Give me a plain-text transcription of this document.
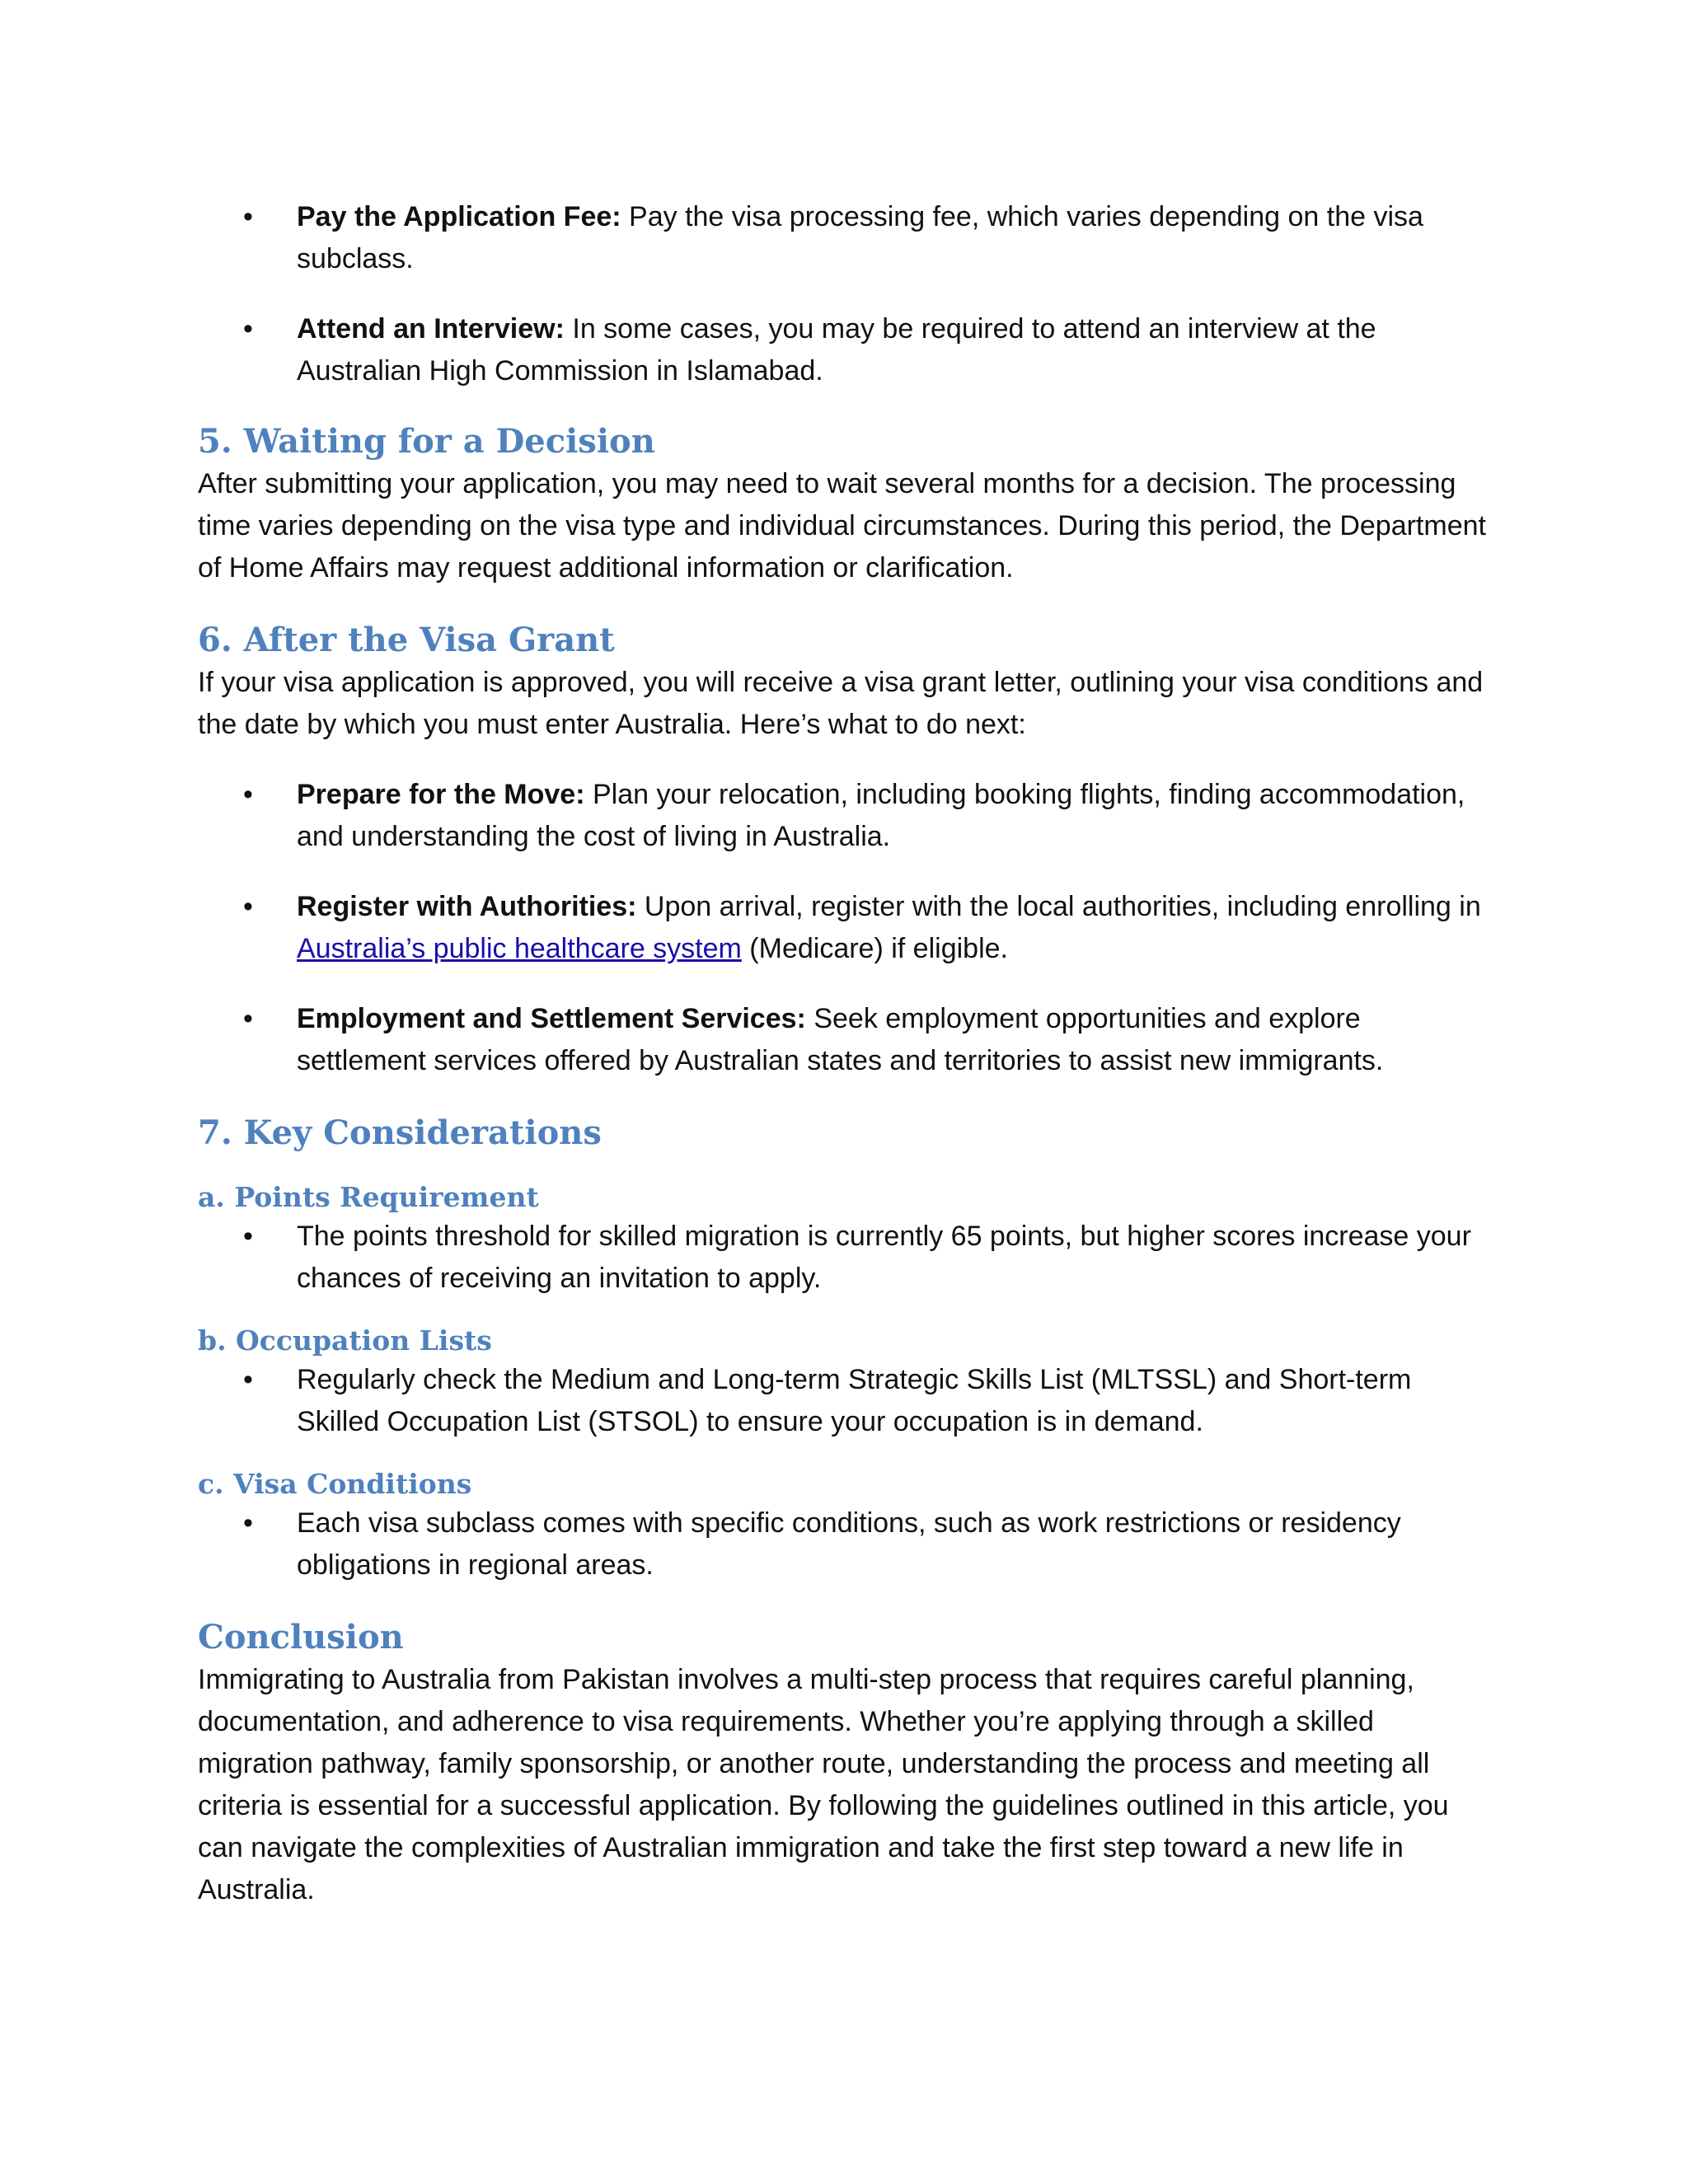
• Pay the Application Fee: Pay the visa processing fee, which varies depending on the visa subclass.
• Attend an Interview: In some cases, you may be required to attend an interview at the Australian High Commission in Islamabad.
5. Waiting for a Decision

After submitting your application, you may need to wait several months for a decision. The processing time varies depending on the visa type and individual circumstances. During this period, the Department of Home Affairs may request additional information or clarification.

6. After the Visa Grant

If your visa application is approved, you will receive a visa grant letter, outlining your visa conditions and the date by which you must enter Australia. Here’s what to do next:

• Prepare for the Move: Plan your relocation, including booking flights, finding accommodation, and understanding the cost of living in Australia.
• Register with Authorities: Upon arrival, register with the local authorities, including enrolling in Australia’s public healthcare system (Medicare) if eligible.
• Employment and Settlement Services: Seek employment opportunities and explore settlement services offered by Australian states and territories to assist new immigrants.
7. Key Considerations
a. Points Requirement
• The points threshold for skilled migration is currently 65 points, but higher scores increase your chances of receiving an invitation to apply.
b. Occupation Lists
• Regularly check the Medium and Long-term Strategic Skills List (MLTSSL) and Short-term Skilled Occupation List (STSOL) to ensure your occupation is in demand.
c. Visa Conditions
• Each visa subclass comes with specific conditions, such as work restrictions or residency obligations in regional areas.
Conclusion

Immigrating to Australia from Pakistan involves a multi-step process that requires careful planning, documentation, and adherence to visa requirements. Whether you’re applying through a skilled migration pathway, family sponsorship, or another route, understanding the process and meeting all criteria is essential for a successful application. By following the guidelines outlined in this article, you can navigate the complexities of Australian immigration and take the first step toward a new life in Australia.
